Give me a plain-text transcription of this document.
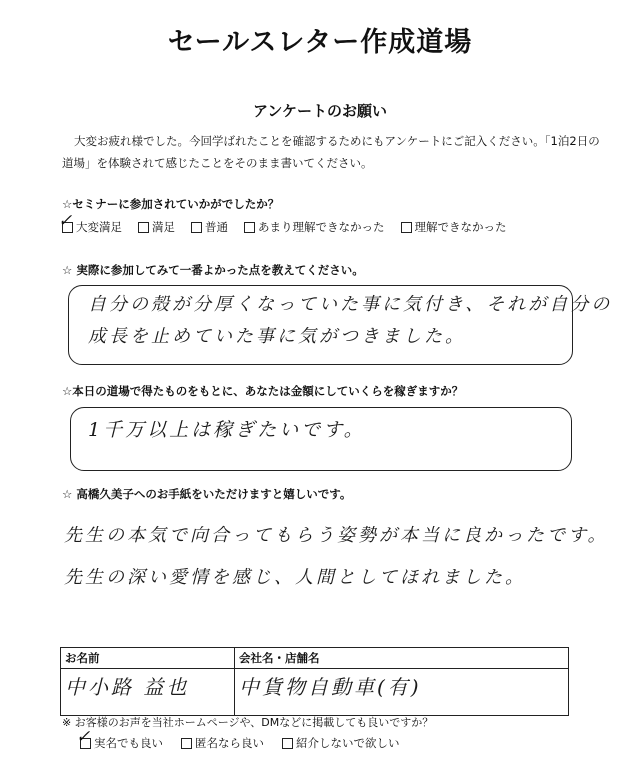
セールスレター作成道場
アンケートのお願い
大変お疲れ様でした。今回学ばれたことを確認するためにもアンケートにご記入ください。「1泊2日の道場」を体験されて感じたことをそのまま書いてください。
☆セミナーに参加されていかがでしたか？
大変満足	満足	普通	あまり理解できなかった	理解できなかった
✓
☆ 実際に参加してみて一番よかった点を教えてください。
自分の殻が分厚くなっていた事に気付き、それが自分の
成長を止めていた事に気がつきました。
☆本日の道場で得たものをもとに、あなたは金額にしていくらを稼ぎますか？
1千万以上は稼ぎたいです。
☆ 高橋久美子へのお手紙をいただけますと嬉しいです。
先生の本気で向合ってもらう姿勢が本当に良かったです。
先生の深い愛情を感じ、人間としてほれました。
お名前	会社名・店舗名
中小路 益也	中貨物自動車(有)
※ お客様のお声を当社ホームページや、DMなどに掲載しても良いですか？
実名でも良い	匿名なら良い	紹介しないで欲しい
✓
